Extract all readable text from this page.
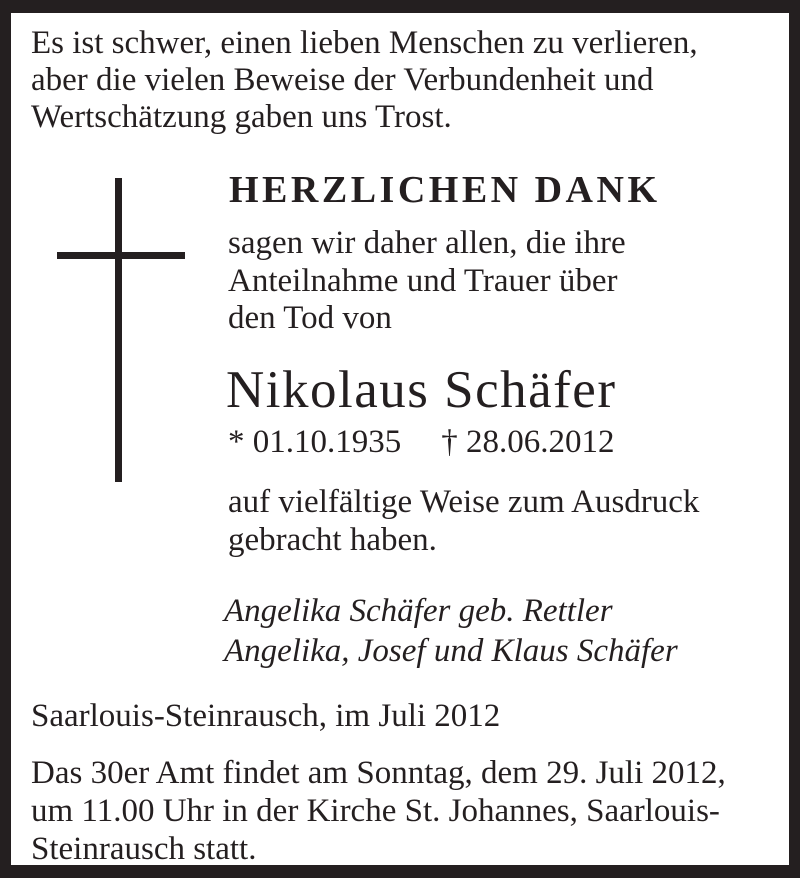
Es ist schwer, einen lieben Menschen zu verlieren,
aber die vielen Beweise der Verbundenheit und
Wertschätzung gaben uns Trost.
HERZLICHEN DANK
sagen wir daher allen, die ihre
Anteilnahme und Trauer über
den Tod von
Nikolaus Schäfer
* 01.10.1935 † 28.06.2012
auf vielfältige Weise zum Ausdruck
gebracht haben.
Angelika Schäfer geb. Rettler
Angelika, Josef und Klaus Schäfer
Saarlouis-Steinrausch, im Juli 2012
Das 30er Amt findet am Sonntag, dem 29. Juli 2012,
um 11.00 Uhr in der Kirche St. Johannes, Saarlouis-
Steinrausch statt.
